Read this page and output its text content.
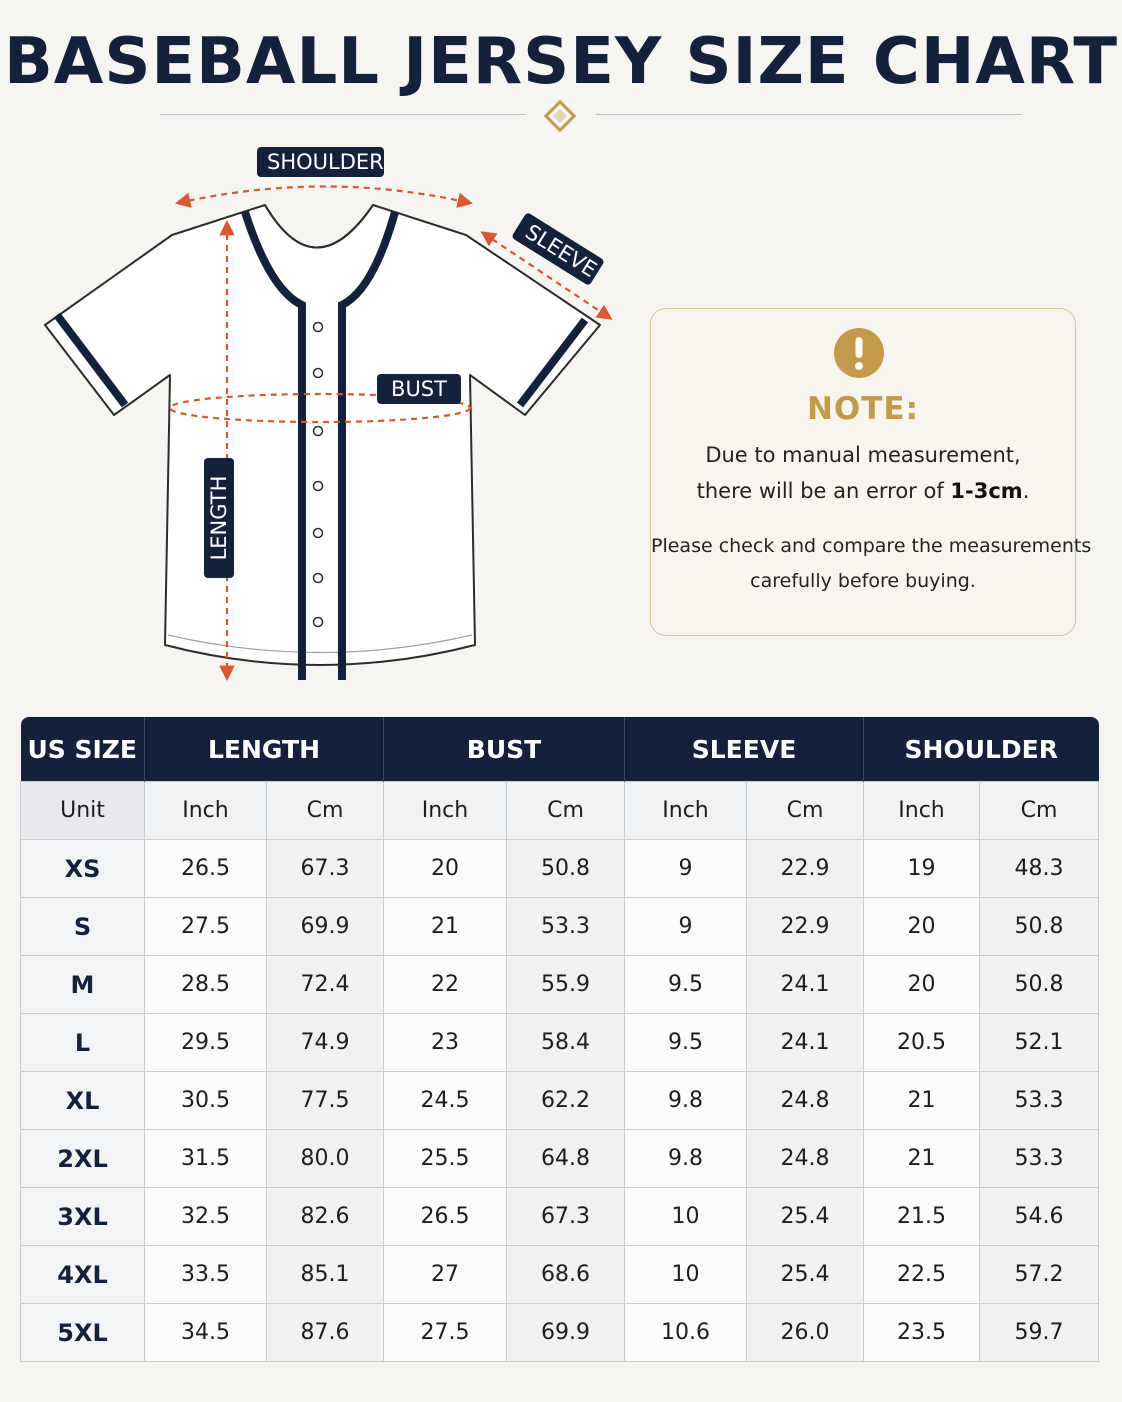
BASEBALL JERSEY SIZE CHART
SHOULDER
SLEEVE
BUST
LENGTH
NOTE:
Due to manual measurement,
there will be an error of 1-3cm.
Please check and compare the measurements
carefully before buying.
US SIZE	LENGTH		BUST		SLEEVE		SHOULDER	
Unit	Inch	Cm	Inch	Cm	Inch	Cm	Inch	Cm
XS	26.5	67.3	20	50.8	9	22.9	19	48.3
S	27.5	69.9	21	53.3	9	22.9	20	50.8
M	28.5	72.4	22	55.9	9.5	24.1	20	50.8
L	29.5	74.9	23	58.4	9.5	24.1	20.5	52.1
XL	30.5	77.5	24.5	62.2	9.8	24.8	21	53.3
2XL	31.5	80.0	25.5	64.8	9.8	24.8	21	53.3
3XL	32.5	82.6	26.5	67.3	10	25.4	21.5	54.6
4XL	33.5	85.1	27	68.6	10	25.4	22.5	57.2
5XL	34.5	87.6	27.5	69.9	10.6	26.0	23.5	59.7
